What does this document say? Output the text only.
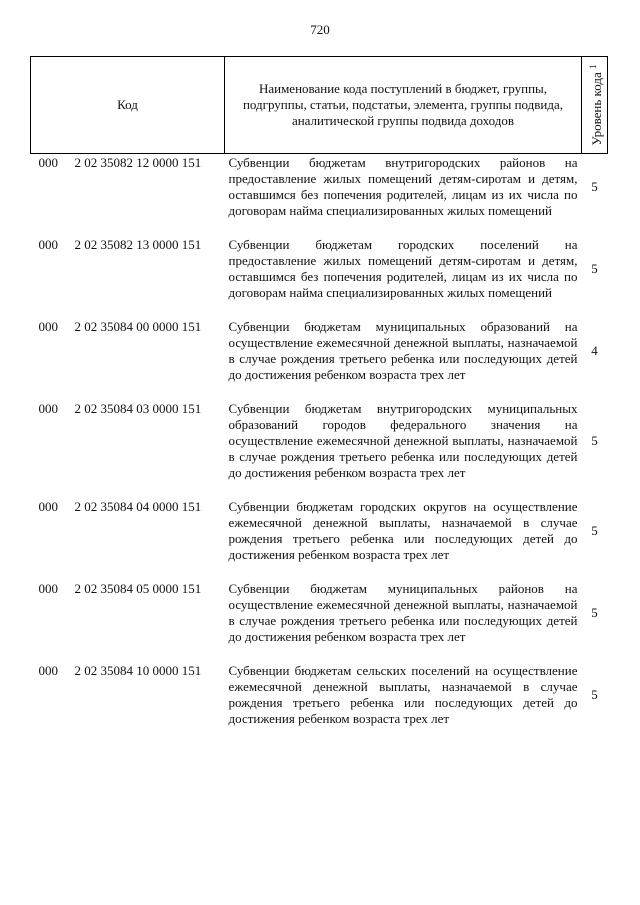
720
Код	Наименование кода поступлений в бюджет, группы, подгруппы, статьи, подстатьи, элемента, группы подвида, аналитической группы подвида доходов	Уровень кода $^1$

000 2 02 35082 12 0000 151	Субвенции бюджетам внутригородских районов на предоставление жилых помещений детям-сиротам и детям, оставшимся без попечения родителей, лицам из их числа по договорам найма специализированных жилых помещений	5

000 2 02 35082 13 0000 151	Субвенции бюджетам городских поселений на предоставление жилых помещений детям-сиротам и детям, оставшимся без попечения родителей, лицам из их числа по договорам найма специализированных жилых помещений	5

000 2 02 35084 00 0000 151	Субвенции бюджетам муниципальных образований на осуществление ежемесячной денежной выплаты, назначаемой в случае рождения третьего ребенка или последующих детей до достижения ребенком возраста трех лет	4

000 2 02 35084 03 0000 151	Субвенции бюджетам внутригородских муниципальных образований городов федерального значения на осуществление ежемесячной денежной выплаты, назначаемой в случае рождения третьего ребенка или последующих детей до достижения ребенком возраста трех лет	5

000 2 02 35084 04 0000 151	Субвенции бюджетам городских округов на осуществление ежемесячной денежной выплаты, назначаемой в случае рождения третьего ребенка или последующих детей до достижения ребенком возраста трех лет	5

000 2 02 35084 05 0000 151	Субвенции бюджетам муниципальных районов на осуществление ежемесячной денежной выплаты, назначаемой в случае рождения третьего ребенка или последующих детей до достижения ребенком возраста трех лет	5

000 2 02 35084 10 0000 151	Субвенции бюджетам сельских поселений на осуществление ежемесячной денежной выплаты, назначаемой в случае рождения третьего ребенка или последующих детей до достижения ребенком возраста трех лет	5
